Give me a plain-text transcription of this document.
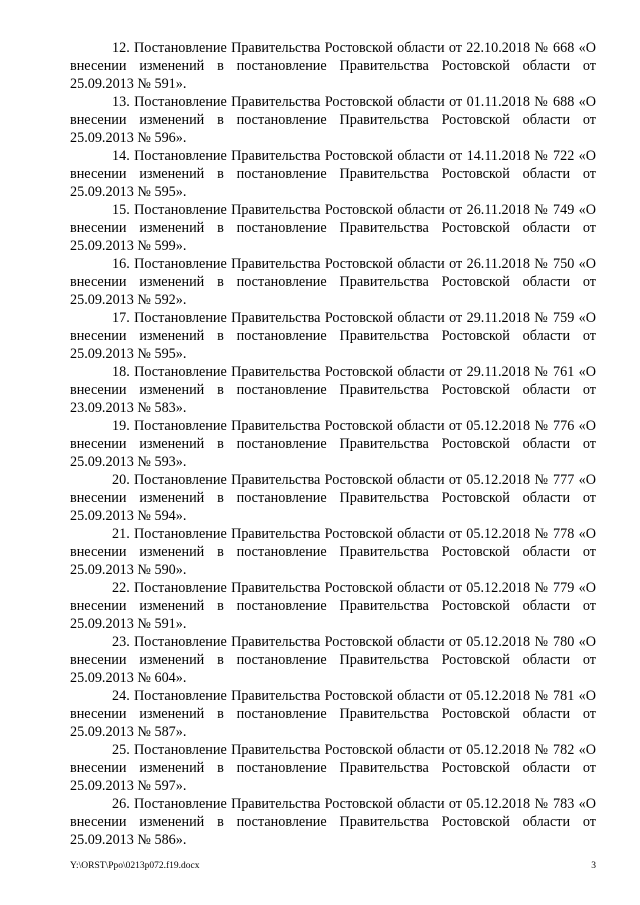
12. Постановление Правительства Ростовской области от 22.10.2018 № 668 «О внесении изменений в постановление Правительства Ростовской области от 25.09.2013 № 591».

13. Постановление Правительства Ростовской области от 01.11.2018 № 688 «О внесении изменений в постановление Правительства Ростовской области от 25.09.2013 № 596».

14. Постановление Правительства Ростовской области от 14.11.2018 № 722 «О внесении изменений в постановление Правительства Ростовской области от 25.09.2013 № 595».

15. Постановление Правительства Ростовской области от 26.11.2018 № 749 «О внесении изменений в постановление Правительства Ростовской области от 25.09.2013 № 599».

16. Постановление Правительства Ростовской области от 26.11.2018 № 750 «О внесении изменений в постановление Правительства Ростовской области от 25.09.2013 № 592».

17. Постановление Правительства Ростовской области от 29.11.2018 № 759 «О внесении изменений в постановление Правительства Ростовской области от 25.09.2013 № 595».

18. Постановление Правительства Ростовской области от 29.11.2018 № 761 «О внесении изменений в постановление Правительства Ростовской области от 23.09.2013 № 583».

19. Постановление Правительства Ростовской области от 05.12.2018 № 776 «О внесении изменений в постановление Правительства Ростовской области от 25.09.2013 № 593».

20. Постановление Правительства Ростовской области от 05.12.2018 № 777 «О внесении изменений в постановление Правительства Ростовской области от 25.09.2013 № 594».

21. Постановление Правительства Ростовской области от 05.12.2018 № 778 «О внесении изменений в постановление Правительства Ростовской области от 25.09.2013 № 590».

22. Постановление Правительства Ростовской области от 05.12.2018 № 779 «О внесении изменений в постановление Правительства Ростовской области от 25.09.2013 № 591».

23. Постановление Правительства Ростовской области от 05.12.2018 № 780 «О внесении изменений в постановление Правительства Ростовской области от 25.09.2013 № 604».

24. Постановление Правительства Ростовской области от 05.12.2018 № 781 «О внесении изменений в постановление Правительства Ростовской области от 25.09.2013 № 587».

25. Постановление Правительства Ростовской области от 05.12.2018 № 782 «О внесении изменений в постановление Правительства Ростовской области от 25.09.2013 № 597».

26. Постановление Правительства Ростовской области от 05.12.2018 № 783 «О внесении изменений в постановление Правительства Ростовской области от 25.09.2013 № 586».

Y:\ORST\Ppo\0213p072.f19.docx	3
